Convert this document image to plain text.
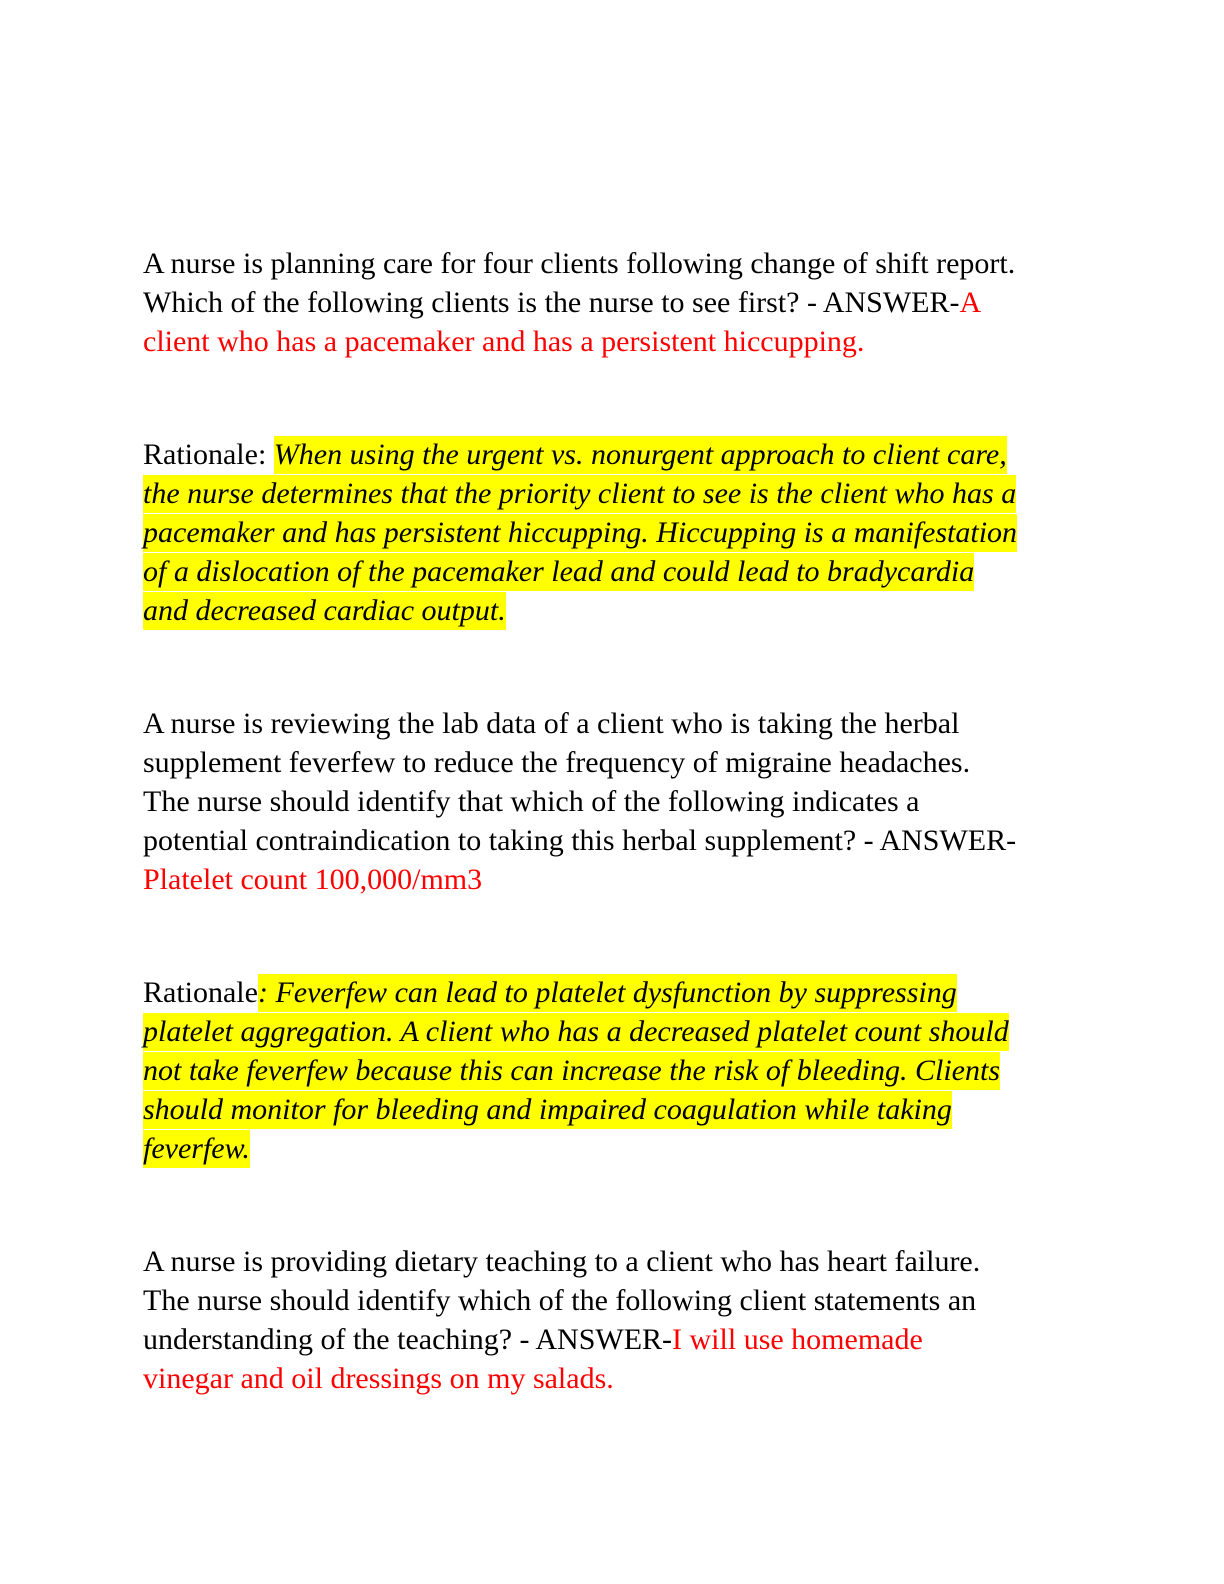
A nurse is planning care for four clients following change of shift report.
Which of the following clients is the nurse to see first? - ANSWER-A
client who has a pacemaker and has a persistent hiccupping.
Rationale: When using the urgent vs. nonurgent approach to client care,
the nurse determines that the priority client to see is the client who has a
pacemaker and has persistent hiccupping. Hiccupping is a manifestation
of a dislocation of the pacemaker lead and could lead to bradycardia
and decreased cardiac output.
A nurse is reviewing the lab data of a client who is taking the herbal
supplement feverfew to reduce the frequency of migraine headaches.
The nurse should identify that which of the following indicates a
potential contraindication to taking this herbal supplement? - ANSWER-
Platelet count 100,000/mm3
Rationale: Feverfew can lead to platelet dysfunction by suppressing
platelet aggregation. A client who has a decreased platelet count should
not take feverfew because this can increase the risk of bleeding. Clients
should monitor for bleeding and impaired coagulation while taking
feverfew.
A nurse is providing dietary teaching to a client who has heart failure.
The nurse should identify which of the following client statements an
understanding of the teaching? - ANSWER-I will use homemade
vinegar and oil dressings on my salads.
